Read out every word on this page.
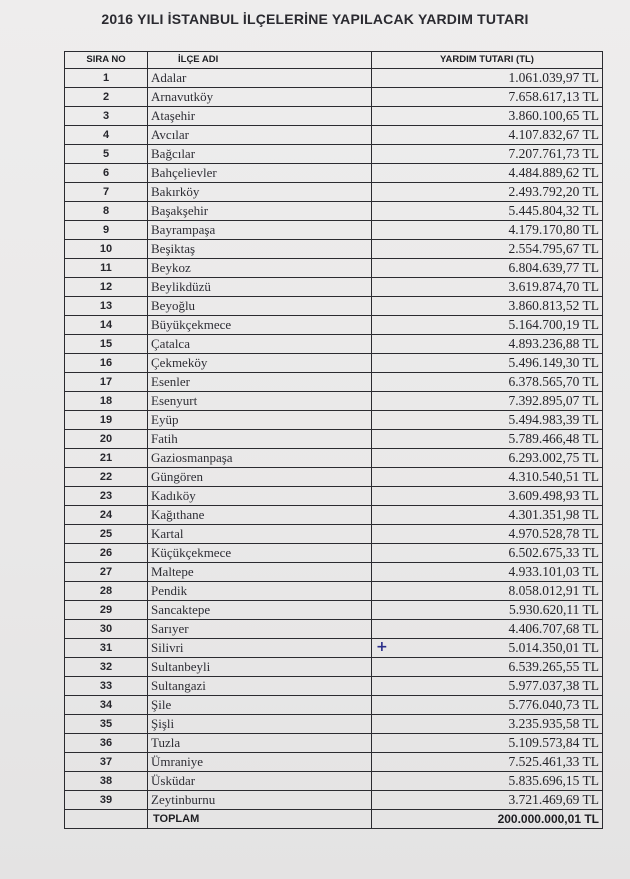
2016 YILI İSTANBUL İLÇELERİNE YAPILACAK YARDIM TUTARI
SIRA NO	İLÇE ADI	YARDIM TUTARI (TL)
1	Adalar	1.061.039,97 TL
2	Arnavutköy	7.658.617,13 TL
3	Ataşehir	3.860.100,65 TL
4	Avcılar	4.107.832,67 TL
5	Bağcılar	7.207.761,73 TL
6	Bahçelievler	4.484.889,62 TL
7	Bakırköy	2.493.792,20 TL
8	Başakşehir	5.445.804,32 TL
9	Bayrampaşa	4.179.170,80 TL
10	Beşiktaş	2.554.795,67 TL
11	Beykoz	6.804.639,77 TL
12	Beylikdüzü	3.619.874,70 TL
13	Beyoğlu	3.860.813,52 TL
14	Büyükçekmece	5.164.700,19 TL
15	Çatalca	4.893.236,88 TL
16	Çekmeköy	5.496.149,30 TL
17	Esenler	6.378.565,70 TL
18	Esenyurt	7.392.895,07 TL
19	Eyüp	5.494.983,39 TL
20	Fatih	5.789.466,48 TL
21	Gaziosmanpaşa	6.293.002,75 TL
22	Güngören	4.310.540,51 TL
23	Kadıköy	3.609.498,93 TL
24	Kağıthane	4.301.351,98 TL
25	Kartal	4.970.528,78 TL
26	Küçükçekmece	6.502.675,33 TL
27	Maltepe	4.933.101,03 TL
28	Pendik	8.058.012,91 TL
29	Sancaktepe	5.930.620,11 TL
30	Sarıyer	4.406.707,68 TL
31	Silivri	+ 5.014.350,01 TL
32	Sultanbeyli	6.539.265,55 TL
33	Sultangazi	5.977.037,38 TL
34	Şile	5.776.040,73 TL
35	Şişli	3.235.935,58 TL
36	Tuzla	5.109.573,84 TL
37	Ümraniye	7.525.461,33 TL
38	Üsküdar	5.835.696,15 TL
39	Zeytinburnu	3.721.469,69 TL
	TOPLAM	200.000.000,01 TL
